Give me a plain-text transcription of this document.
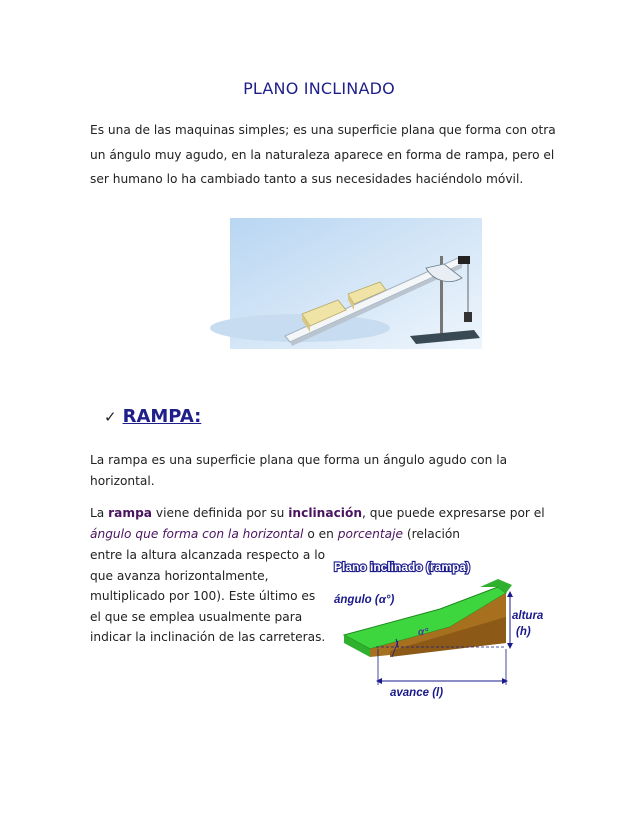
PLANO INCLINADO
Es una de las maquinas simples; es una superficie plana que forma con otra un ángulo muy agudo, en la naturaleza aparece en forma de rampa, pero el ser humano lo ha cambiado tanto a sus necesidades haciéndolo móvil.
✓ RAMPA:
La rampa es una superficie plana que forma un ángulo agudo con la horizontal.
La rampa viene definida por su inclinación, que puede expresarse por el ángulo que forma con la horizontal o en porcentaje (relación
entre la altura alcanzada respecto a lo que avanza horizontalmente, multiplicado por 100). Este último es el que se emplea usualmente para indicar la inclinación de las carreteras.
Plano inclinado (rampa)
ángulo (α°)
α°
altura
(h)
avance (l)
